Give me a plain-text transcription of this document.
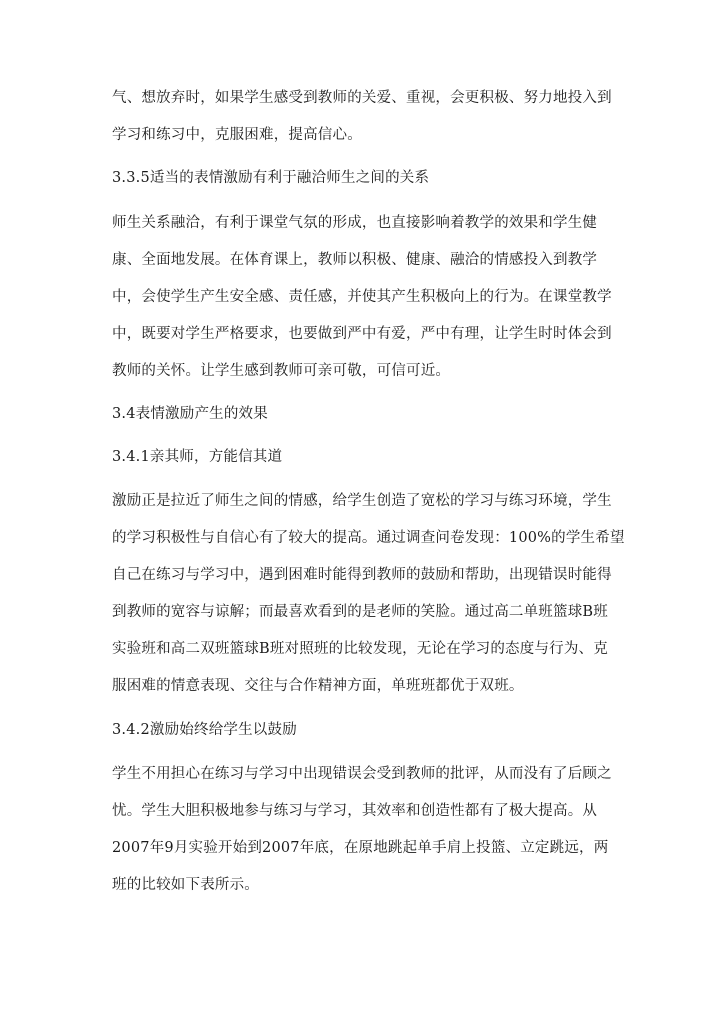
气、想放弃时，如果学生感受到教师的关爱、重视，会更积极、努力地投入到
学习和练习中，克服困难，提高信心。
3.3.5适当的表情激励有利于融洽师生之间的关系
师生关系融洽，有利于课堂气氛的形成，也直接影响着教学的效果和学生健
康、全面地发展。在体育课上，教师以积极、健康、融洽的情感投入到教学
中，会使学生产生安全感、责任感，并使其产生积极向上的行为。在课堂教学
中，既要对学生严格要求，也要做到严中有爱，严中有理，让学生时时体会到
教师的关怀。让学生感到教师可亲可敬，可信可近。
3.4表情激励产生的效果
3.4.1亲其师，方能信其道
激励正是拉近了师生之间的情感，给学生创造了宽松的学习与练习环境，学生
的学习积极性与自信心有了较大的提高。通过调查问卷发现：100%的学生希望
自己在练习与学习中，遇到困难时能得到教师的鼓励和帮助，出现错误时能得
到教师的宽容与谅解；而最喜欢看到的是老师的笑脸。通过高二单班篮球B班
实验班和高二双班篮球B班对照班的比较发现，无论在学习的态度与行为、克
服困难的情意表现、交往与合作精神方面，单班班都优于双班。
3.4.2激励始终给学生以鼓励
学生不用担心在练习与学习中出现错误会受到教师的批评，从而没有了后顾之
忧。学生大胆积极地参与练习与学习，其效率和创造性都有了极大提高。从
2007年9月实验开始到2007年底，在原地跳起单手肩上投篮、立定跳远，两
班的比较如下表所示。
